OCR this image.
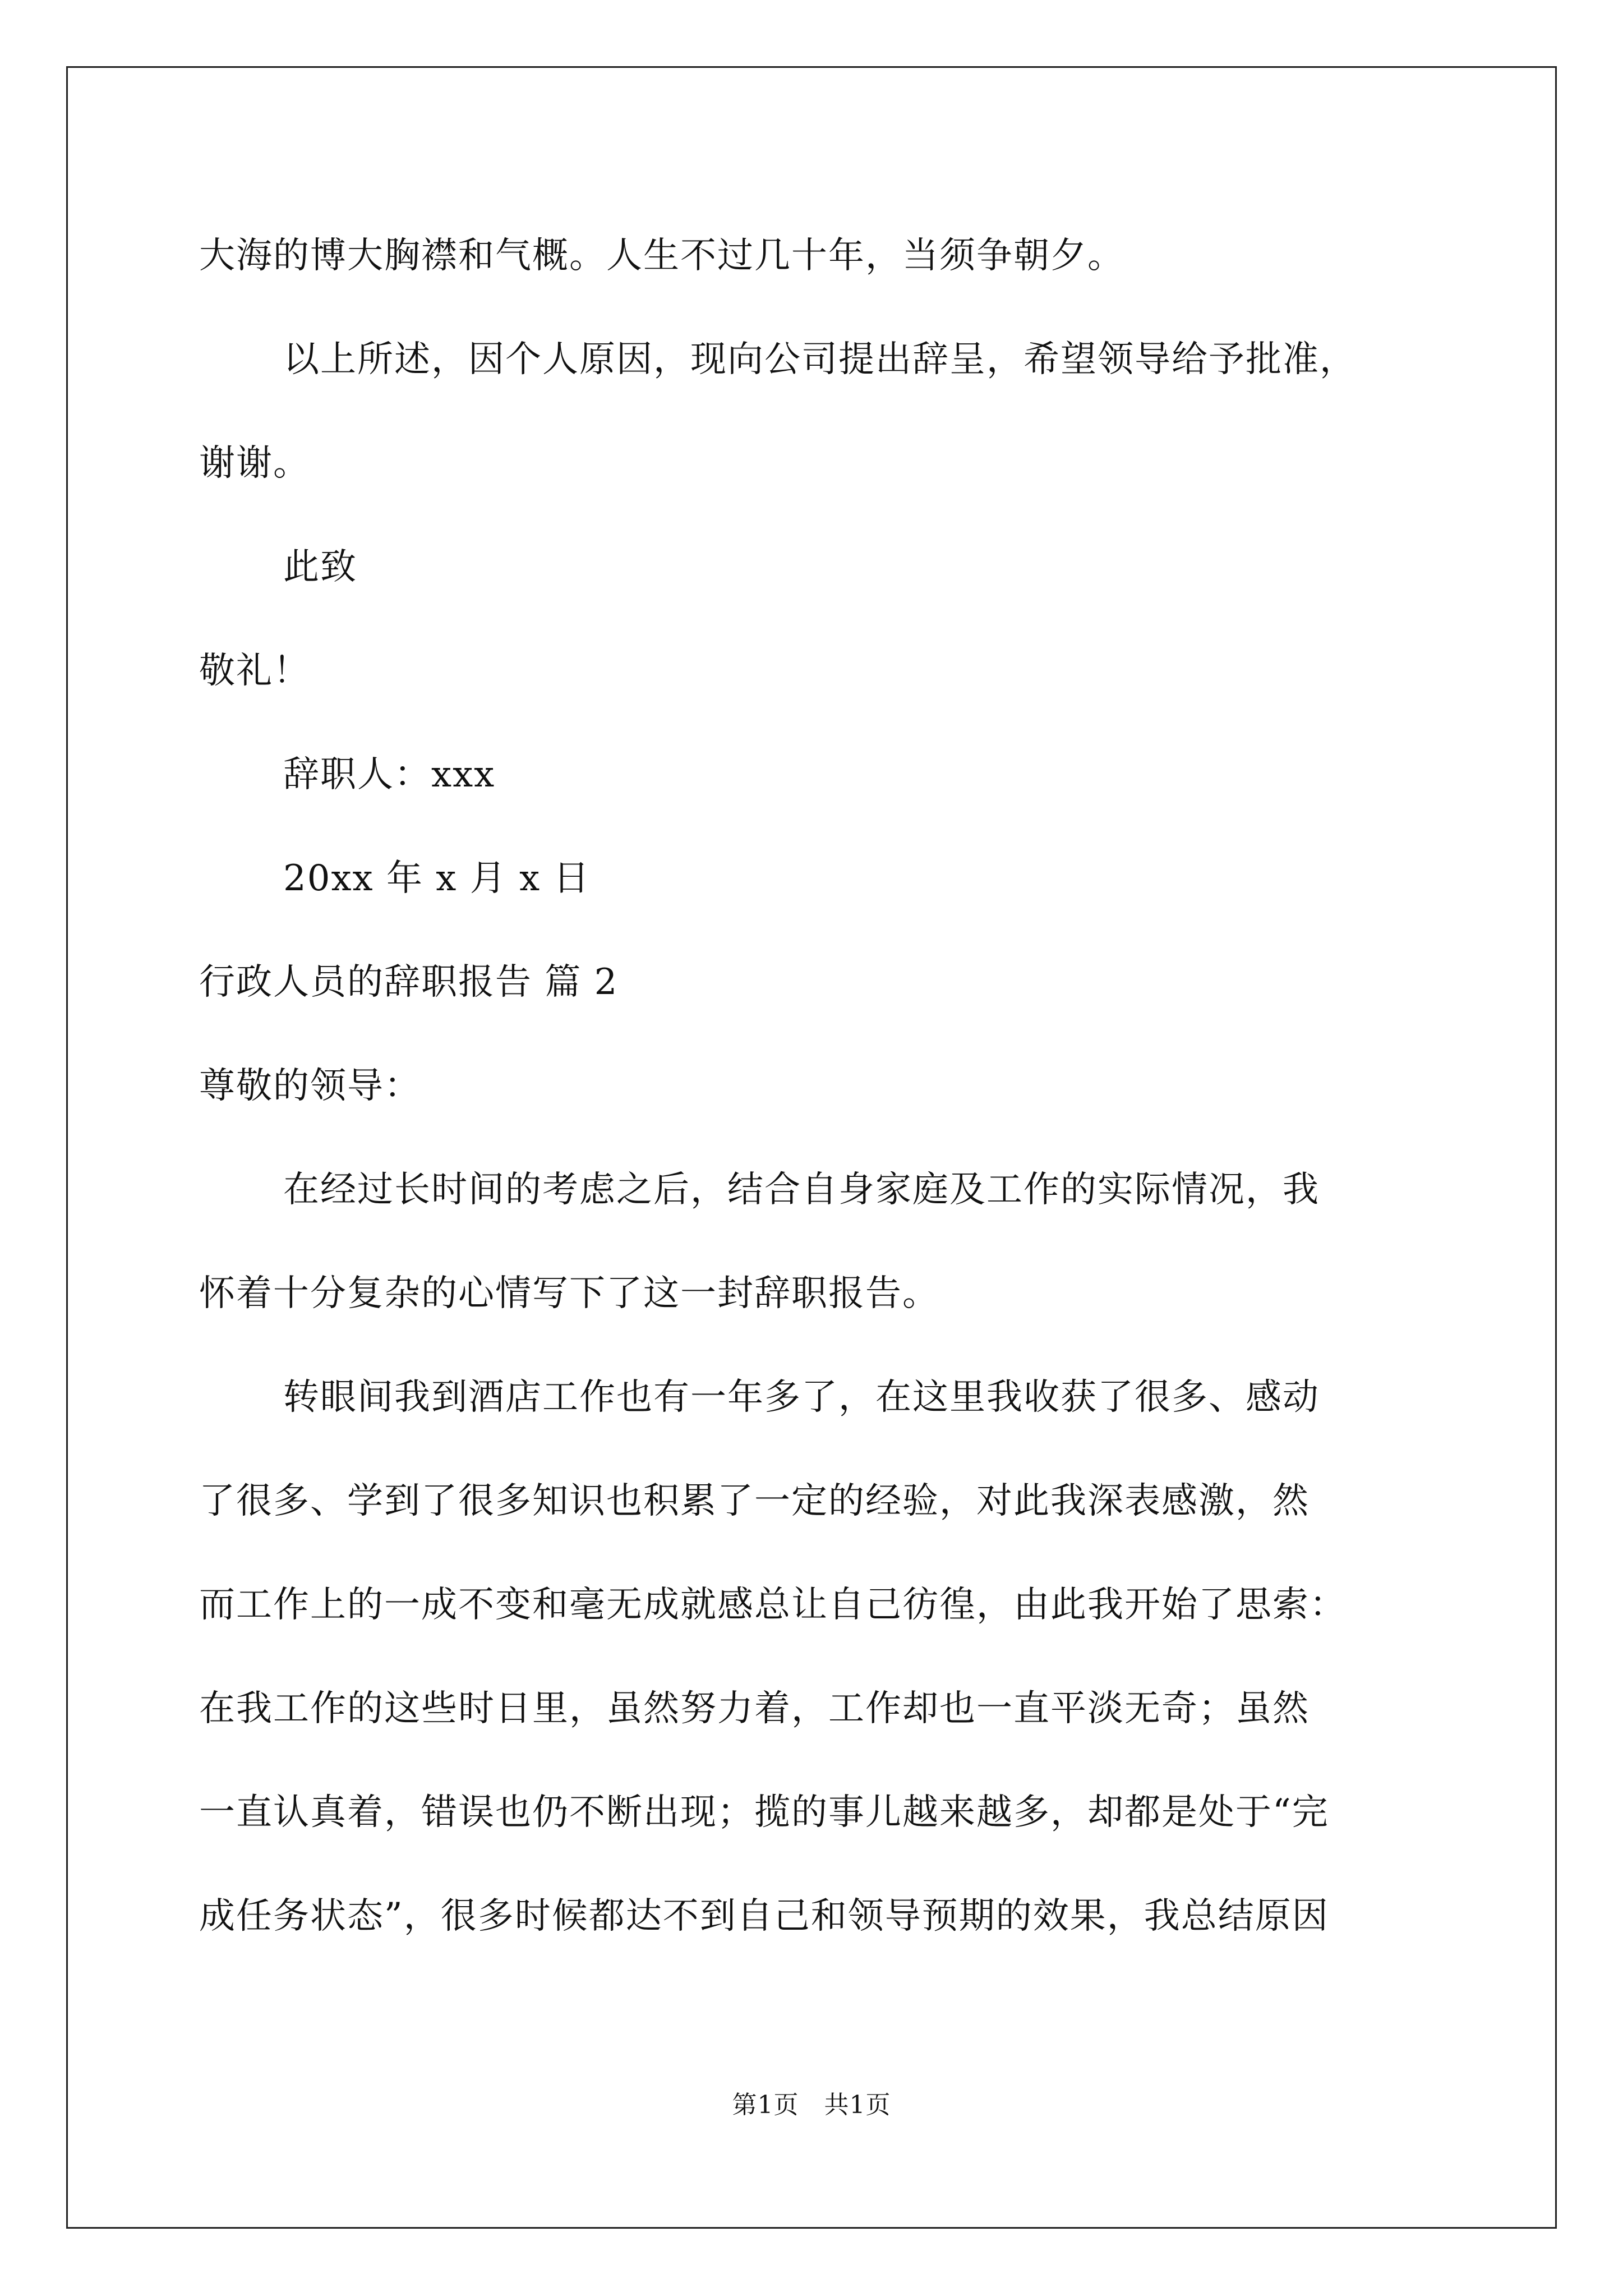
大海的博大胸襟和气概。人生不过几十年，当须争朝夕。
以上所述，因个人原因，现向公司提出辞呈，希望领导给予批准，
谢谢。
此致
敬礼！
辞职人：xxx
20xx 年 x 月 x 日
行政人员的辞职报告 篇 2
尊敬的领导：
在经过长时间的考虑之后，结合自身家庭及工作的实际情况，我
怀着十分复杂的心情写下了这一封辞职报告。
转眼间我到酒店工作也有一年多了，在这里我收获了很多、感动
了很多、学到了很多知识也积累了一定的经验，对此我深表感激，然
而工作上的一成不变和毫无成就感总让自己彷徨，由此我开始了思索：
在我工作的这些时日里，虽然努力着，工作却也一直平淡无奇；虽然
一直认真着，错误也仍不断出现；揽的事儿越来越多，却都是处于“完
成任务状态”，很多时候都达不到自己和领导预期的效果，我总结原因
第1页　共1页
